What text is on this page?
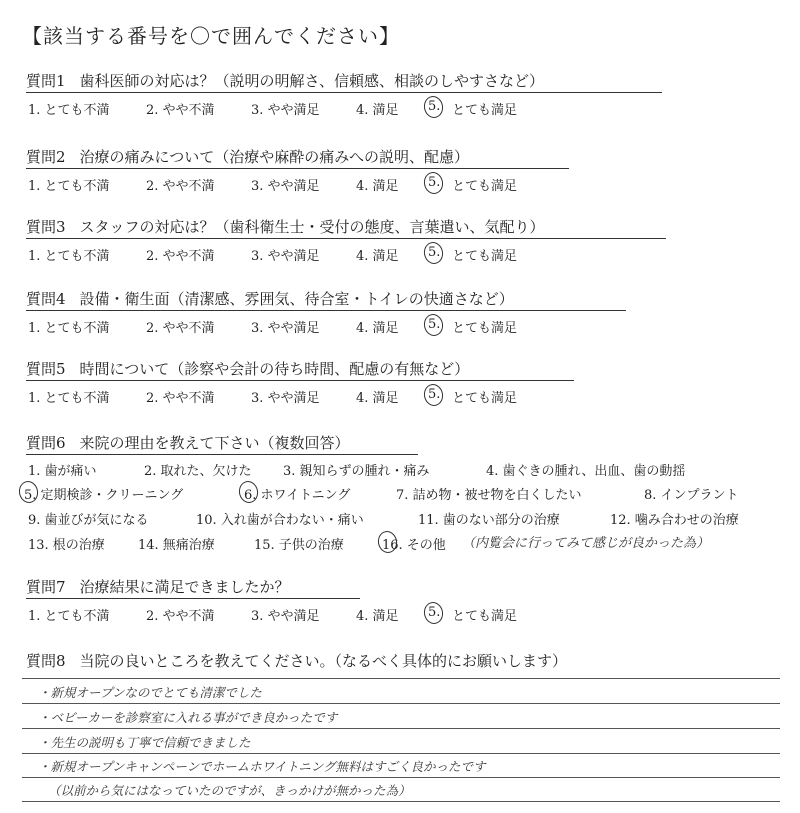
【該当する番号を〇で囲んでください】
質問1 歯科医師の対応は？（説明の明解さ、信頼感、相談のしやすさなど）
1. とても不満	2. やや不満	3. やや満足	4. 満足 5. とても満足
質問2 治療の痛みについて（治療や麻酔の痛みへの説明、配慮）
1. とても不満	2. やや不満	3. やや満足	4. 満足 5. とても満足
質問3 スタッフの対応は？（歯科衛生士・受付の態度、言葉遣い、気配り）
1. とても不満	2. やや不満	3. やや満足	4. 満足 5. とても満足
質問4 設備・衛生面（清潔感、雰囲気、待合室・トイレの快適さなど）
1. とても不満	2. やや不満	3. やや満足	4. 満足 5. とても満足
質問5 時間について（診察や会計の待ち時間、配慮の有無など）
1. とても不満	2. やや不満	3. やや満足	4. 満足 5. とても満足
質問6 来院の理由を教えて下さい（複数回答）
1. 歯が痛い	2. 取れた、欠けた 3. 親知らずの腫れ・痛み	4. 歯ぐきの腫れ、出血、歯の動揺
5. 定期検診・クリーニング	6. ホワイトニング	7. 詰め物・被せ物を白くしたい	8. インプラント
9. 歯並びが気になる	10. 入れ歯が合わない・痛い	11. 歯のない部分の治療	12. 噛み合わせの治療
13. 根の治療	14. 無痛治療	15. 子供の治療	16. その他 （内覧会に行ってみて感じが良かった為）
質問7 治療結果に満足できましたか？
1. とても不満	2. やや不満	3. やや満足	4. 満足 5. とても満足
質問8 当院の良いところを教えてください。（なるべく具体的にお願いします）
・新規オープンなのでとても清潔でした
・ベビーカーを診察室に入れる事ができ良かったです
・先生の説明も丁寧で信頼できました
・新規オープンキャンペーンでホームホワイトニング無料はすごく良かったです
（以前から気にはなっていたのですが、きっかけが無かった為）
